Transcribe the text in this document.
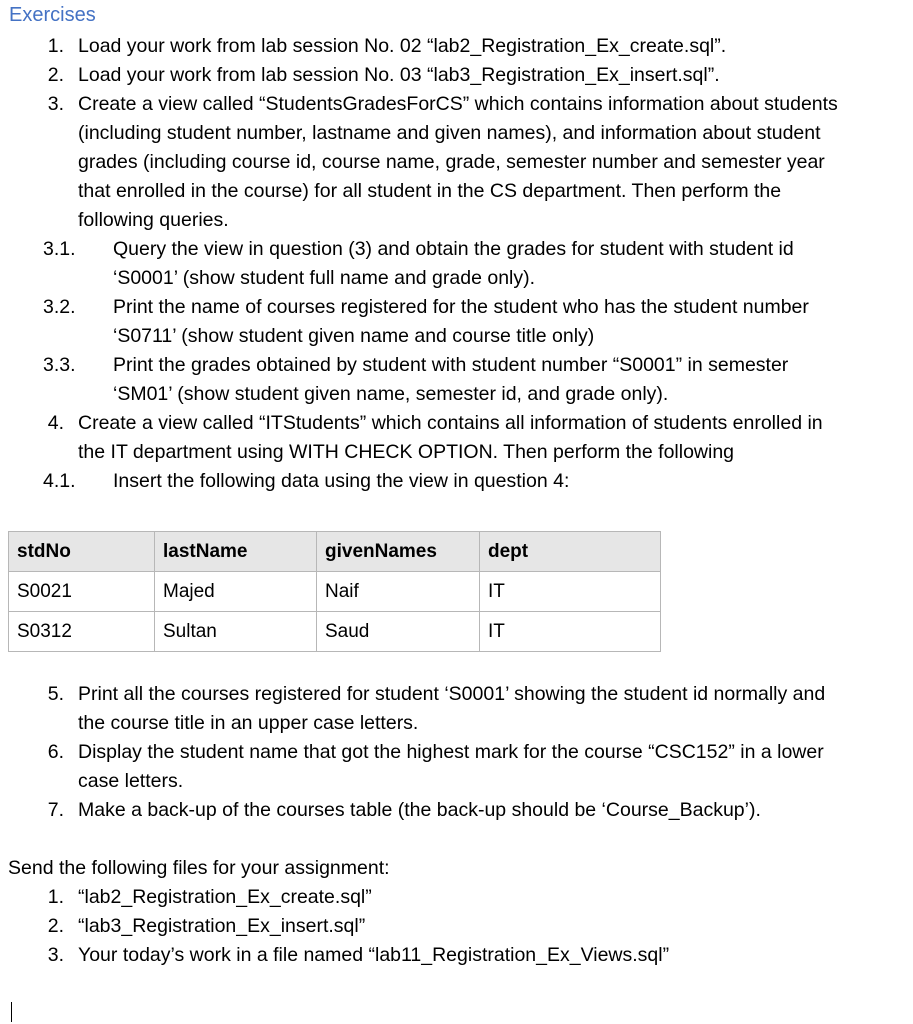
Exercises
1. Load your work from lab session No. 02 “lab2_Registration_Ex_create.sql”.
2. Load your work from lab session No. 03 “lab3_Registration_Ex_insert.sql”.
3. Create a view called “StudentsGradesForCS” which contains information about students
(including student number, lastname and given names), and information about student
grades (including course id, course name, grade, semester number and semester year
that enrolled in the course) for all student in the CS department. Then perform the
following queries.
3.1.	Query the view in question (3) and obtain the grades for student with student id
‘S0001’ (show student full name and grade only).
3.2.	Print the name of courses registered for the student who has the student number
‘S0711’ (show student given name and course title only)
3.3.	Print the grades obtained by student with student number “S0001” in semester
‘SM01’ (show student given name, semester id, and grade only).
4. Create a view called “ITStudents” which contains all information of students enrolled in
the IT department using WITH CHECK OPTION. Then perform the following
4.1.	Insert the following data using the view in question 4:
stdNo	lastName	givenNames	dept
S0021	Majed	Naif	IT
S0312	Sultan	Saud	IT
5. Print all the courses registered for student ‘S0001’ showing the student id normally and
the course title in an upper case letters.
6. Display the student name that got the highest mark for the course “CSC152” in a lower
case letters.
7. Make a back-up of the courses table (the back-up should be ‘Course_Backup’).
Send the following files for your assignment:
1. “lab2_Registration_Ex_create.sql”
2. “lab3_Registration_Ex_insert.sql”
3. Your today’s work in a file named “lab11_Registration_Ex_Views.sql”
